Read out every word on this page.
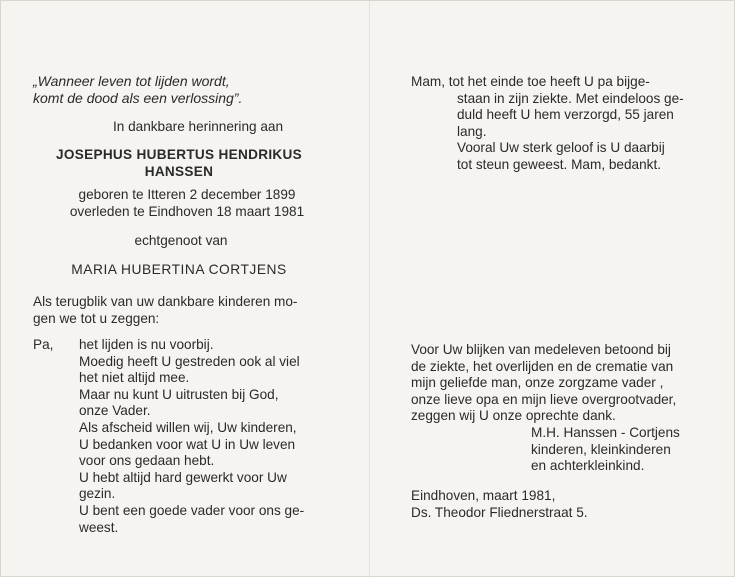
„Wanneer leven tot lijden wordt,
komt de dood als een verlossing”.
In dankbare herinnering aan
JOSEPHUS HUBERTUS HENDRIKUS
HANSSEN
geboren te Itteren 2 december 1899
overleden te Eindhoven 18 maart 1981
echtgenoot van
MARIA HUBERTINA CORTJENS
Als terugblik van uw dankbare kinderen mo-
gen we tot u zeggen:
Pa, het lijden is nu voorbij.
Moedig heeft U gestreden ook al viel
het niet altijd mee.
Maar nu kunt U uitrusten bij God,
onze Vader.
Als afscheid willen wij, Uw kinderen,
U bedanken voor wat U in Uw leven
voor ons gedaan hebt.
U hebt altijd hard gewerkt voor Uw
gezin.
U bent een goede vader voor ons ge-
weest.
Mam, tot het einde toe heeft U pa bijge-
staan in zijn ziekte. Met eindeloos ge-
duld heeft U hem verzorgd, 55 jaren
lang.
Vooral Uw sterk geloof is U daarbij
tot steun geweest. Mam, bedankt.
Voor Uw blijken van medeleven betoond bij
de ziekte, het overlijden en de crematie van
mijn geliefde man, onze zorgzame vader ,
onze lieve opa en mijn lieve overgrootvader,
zeggen wij U onze oprechte dank.
M.H. Hanssen - Cortjens
kinderen, kleinkinderen
en achterkleinkind.
Eindhoven, maart 1981,
Ds. Theodor Fliednerstraat 5.
